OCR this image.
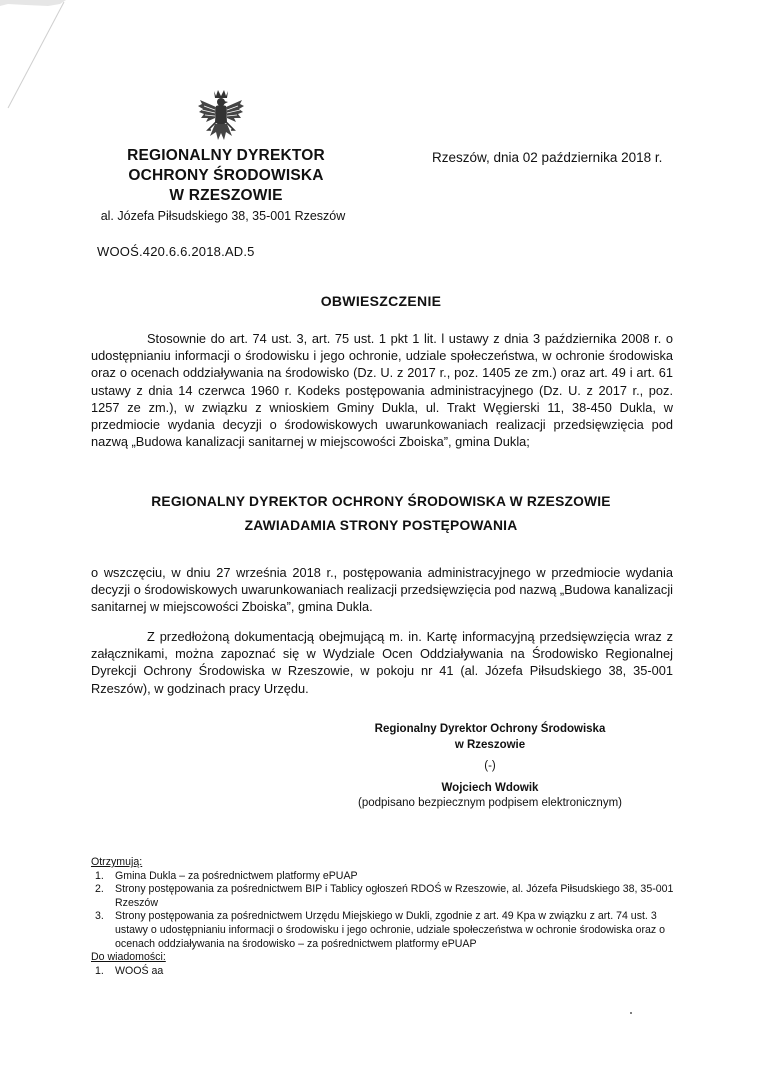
REGIONALNY DYREKTOR
OCHRONY ŚRODOWISKA
W RZESZOWIE
al. Józefa Piłsudskiego 38, 35-001 Rzeszów
Rzeszów, dnia 02 października 2018 r.
WOOŚ.420.6.6.2018.AD.5
OBWIESZCZENIE
Stosownie do art. 74 ust. 3, art. 75 ust. 1 pkt 1 lit. l ustawy z dnia 3 października 2008 r. o udostępnianiu informacji o środowisku i jego ochronie, udziale społeczeństwa, w ochronie środowiska oraz o ocenach oddziaływania na środowisko (Dz. U. z 2017 r., poz. 1405 ze zm.) oraz art. 49 i art. 61 ustawy z dnia 14 czerwca 1960 r. Kodeks postępowania administracyjnego (Dz. U. z 2017 r., poz. 1257 ze zm.), w związku z wnioskiem Gminy Dukla, ul. Trakt Węgierski 11, 38-450 Dukla, w przedmiocie wydania decyzji o środowiskowych uwarunkowaniach realizacji przedsięwzięcia pod nazwą „Budowa kanalizacji sanitarnej w miejscowości Zboiska”, gmina Dukla;
REGIONALNY DYREKTOR OCHRONY ŚRODOWISKA W RZESZOWIE
ZAWIADAMIA STRONY POSTĘPOWANIA
o wszczęciu, w dniu 27 września 2018 r., postępowania administracyjnego w przedmiocie wydania decyzji o środowiskowych uwarunkowaniach realizacji przedsięwzięcia pod nazwą „Budowa kanalizacji sanitarnej w miejscowości Zboiska”, gmina Dukla.
Z przedłożoną dokumentacją obejmującą m. in. Kartę informacyjną przedsięwzięcia wraz z załącznikami, można zapoznać się w Wydziale Ocen Oddziaływania na Środowisko Regionalnej Dyrekcji Ochrony Środowiska w Rzeszowie, w pokoju nr 41 (al. Józefa Piłsudskiego 38, 35-001 Rzeszów), w godzinach pracy Urzędu.
Regionalny Dyrektor Ochrony Środowiska
w Rzeszowie
(-)
Wojciech Wdowik
(podpisano bezpiecznym podpisem elektronicznym)
Otrzymują:
1. Gmina Dukla – za pośrednictwem platformy ePUAP
2. Strony postępowania za pośrednictwem BIP i Tablicy ogłoszeń RDOŚ w Rzeszowie, al. Józefa Piłsudskiego 38, 35-001 Rzeszów
3. Strony postępowania za pośrednictwem Urzędu Miejskiego w Dukli, zgodnie z art. 49 Kpa w związku z art. 74 ust. 3 ustawy o udostępnianiu informacji o środowisku i jego ochronie, udziale społeczeństwa w ochronie środowiska oraz o ocenach oddziaływania na środowisko – za pośrednictwem platformy ePUAP
Do wiadomości:
1. WOOŚ aa
